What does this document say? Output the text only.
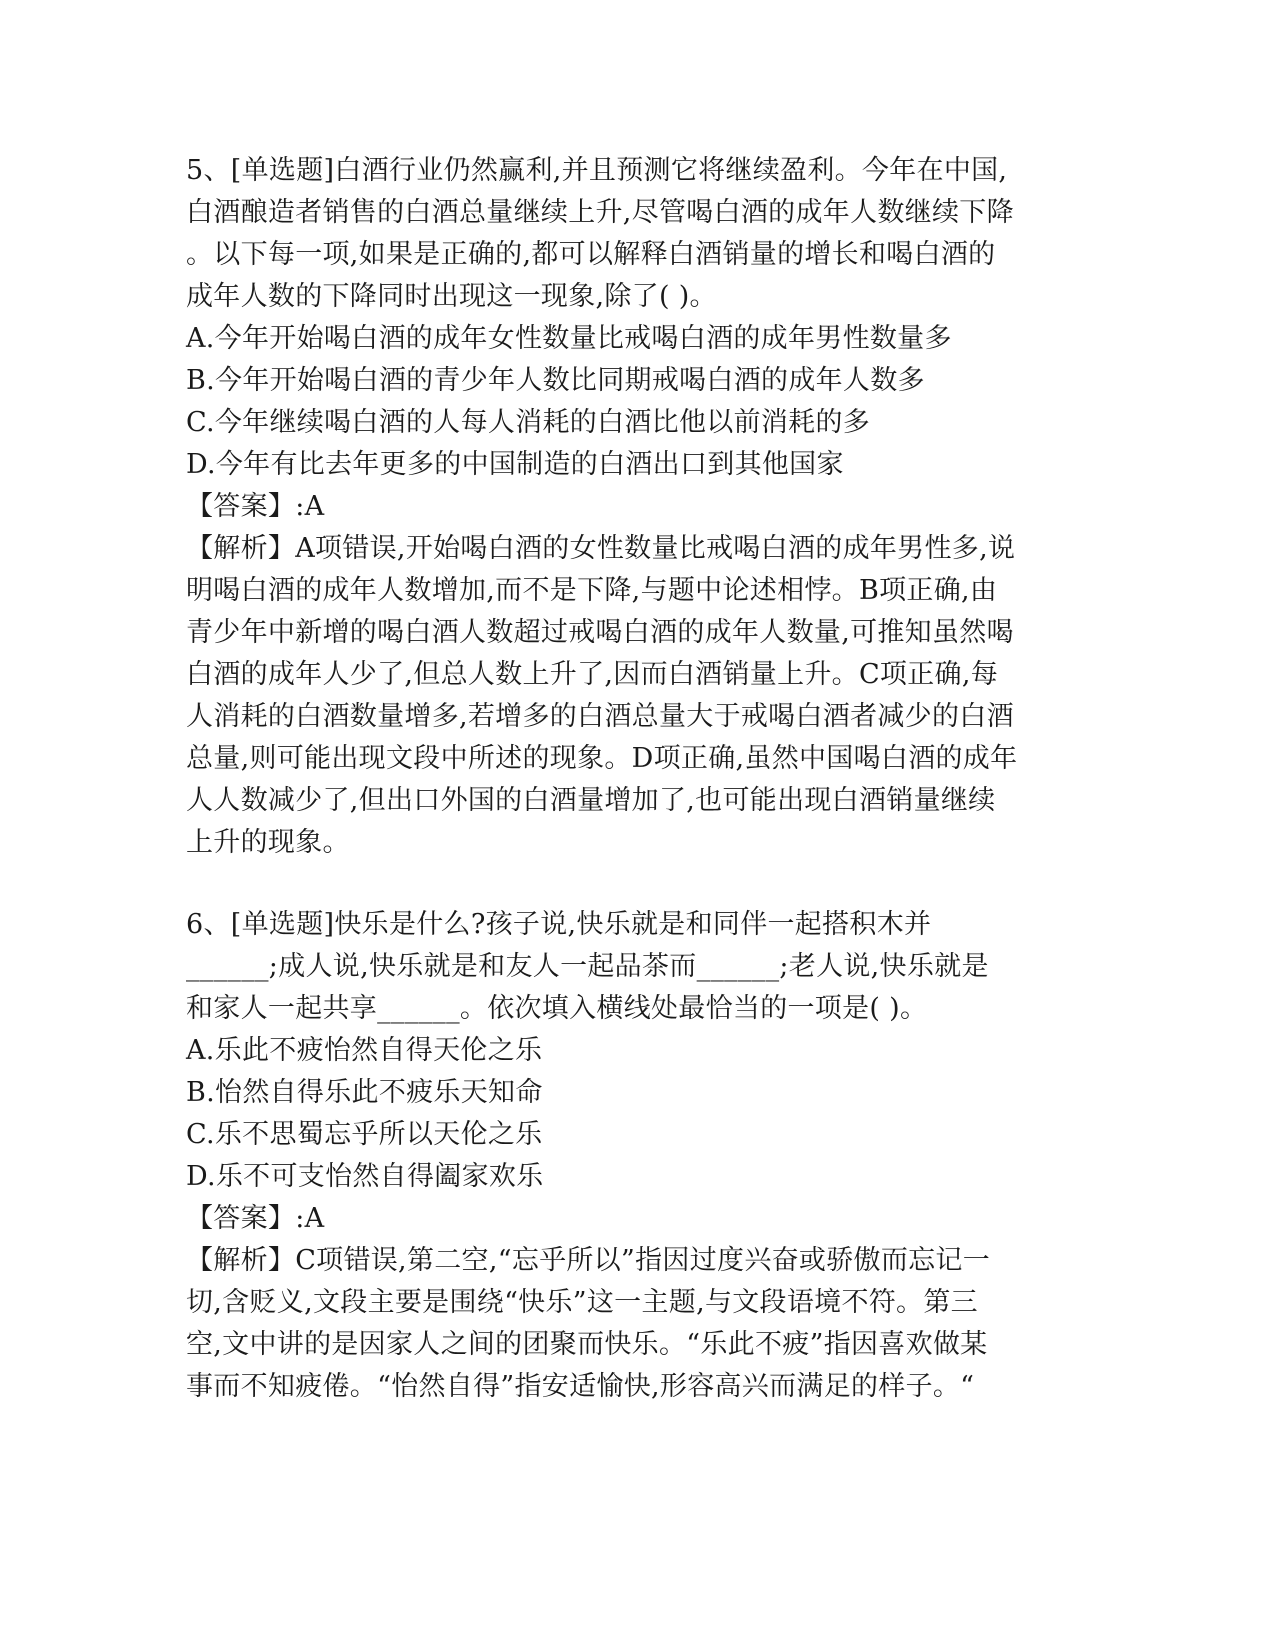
5、[单选题]白酒行业仍然赢利,并且预测它将继续盈利。今年在中国,
白酒酿造者销售的白酒总量继续上升,尽管喝白酒的成年人数继续下降
。以下每一项,如果是正确的,都可以解释白酒销量的增长和喝白酒的
成年人数的下降同时出现这一现象,除了( )。
A.今年开始喝白酒的成年女性数量比戒喝白酒的成年男性数量多
B.今年开始喝白酒的青少年人数比同期戒喝白酒的成年人数多
C.今年继续喝白酒的人每人消耗的白酒比他以前消耗的多
D.今年有比去年更多的中国制造的白酒出口到其他国家
【答案】:A
【解析】A项错误,开始喝白酒的女性数量比戒喝白酒的成年男性多,说
明喝白酒的成年人数增加,而不是下降,与题中论述相悖。B项正确,由
青少年中新增的喝白酒人数超过戒喝白酒的成年人数量,可推知虽然喝
白酒的成年人少了,但总人数上升了,因而白酒销量上升。C项正确,每
人消耗的白酒数量增多,若增多的白酒总量大于戒喝白酒者减少的白酒
总量,则可能出现文段中所述的现象。D项正确,虽然中国喝白酒的成年
人人数减少了,但出口外国的白酒量增加了,也可能出现白酒销量继续
上升的现象。
6、[单选题]快乐是什么?孩子说,快乐就是和同伴一起搭积木并
______;成人说,快乐就是和友人一起品茶而______;老人说,快乐就是
和家人一起共享______。依次填入横线处最恰当的一项是( )。
A.乐此不疲怡然自得天伦之乐
B.怡然自得乐此不疲乐天知命
C.乐不思蜀忘乎所以天伦之乐
D.乐不可支怡然自得阖家欢乐
【答案】:A
【解析】C项错误,第二空,“忘乎所以”指因过度兴奋或骄傲而忘记一
切,含贬义,文段主要是围绕“快乐”这一主题,与文段语境不符。第三
空,文中讲的是因家人之间的团聚而快乐。“乐此不疲”指因喜欢做某
事而不知疲倦。“怡然自得”指安适愉快,形容高兴而满足的样子。“
